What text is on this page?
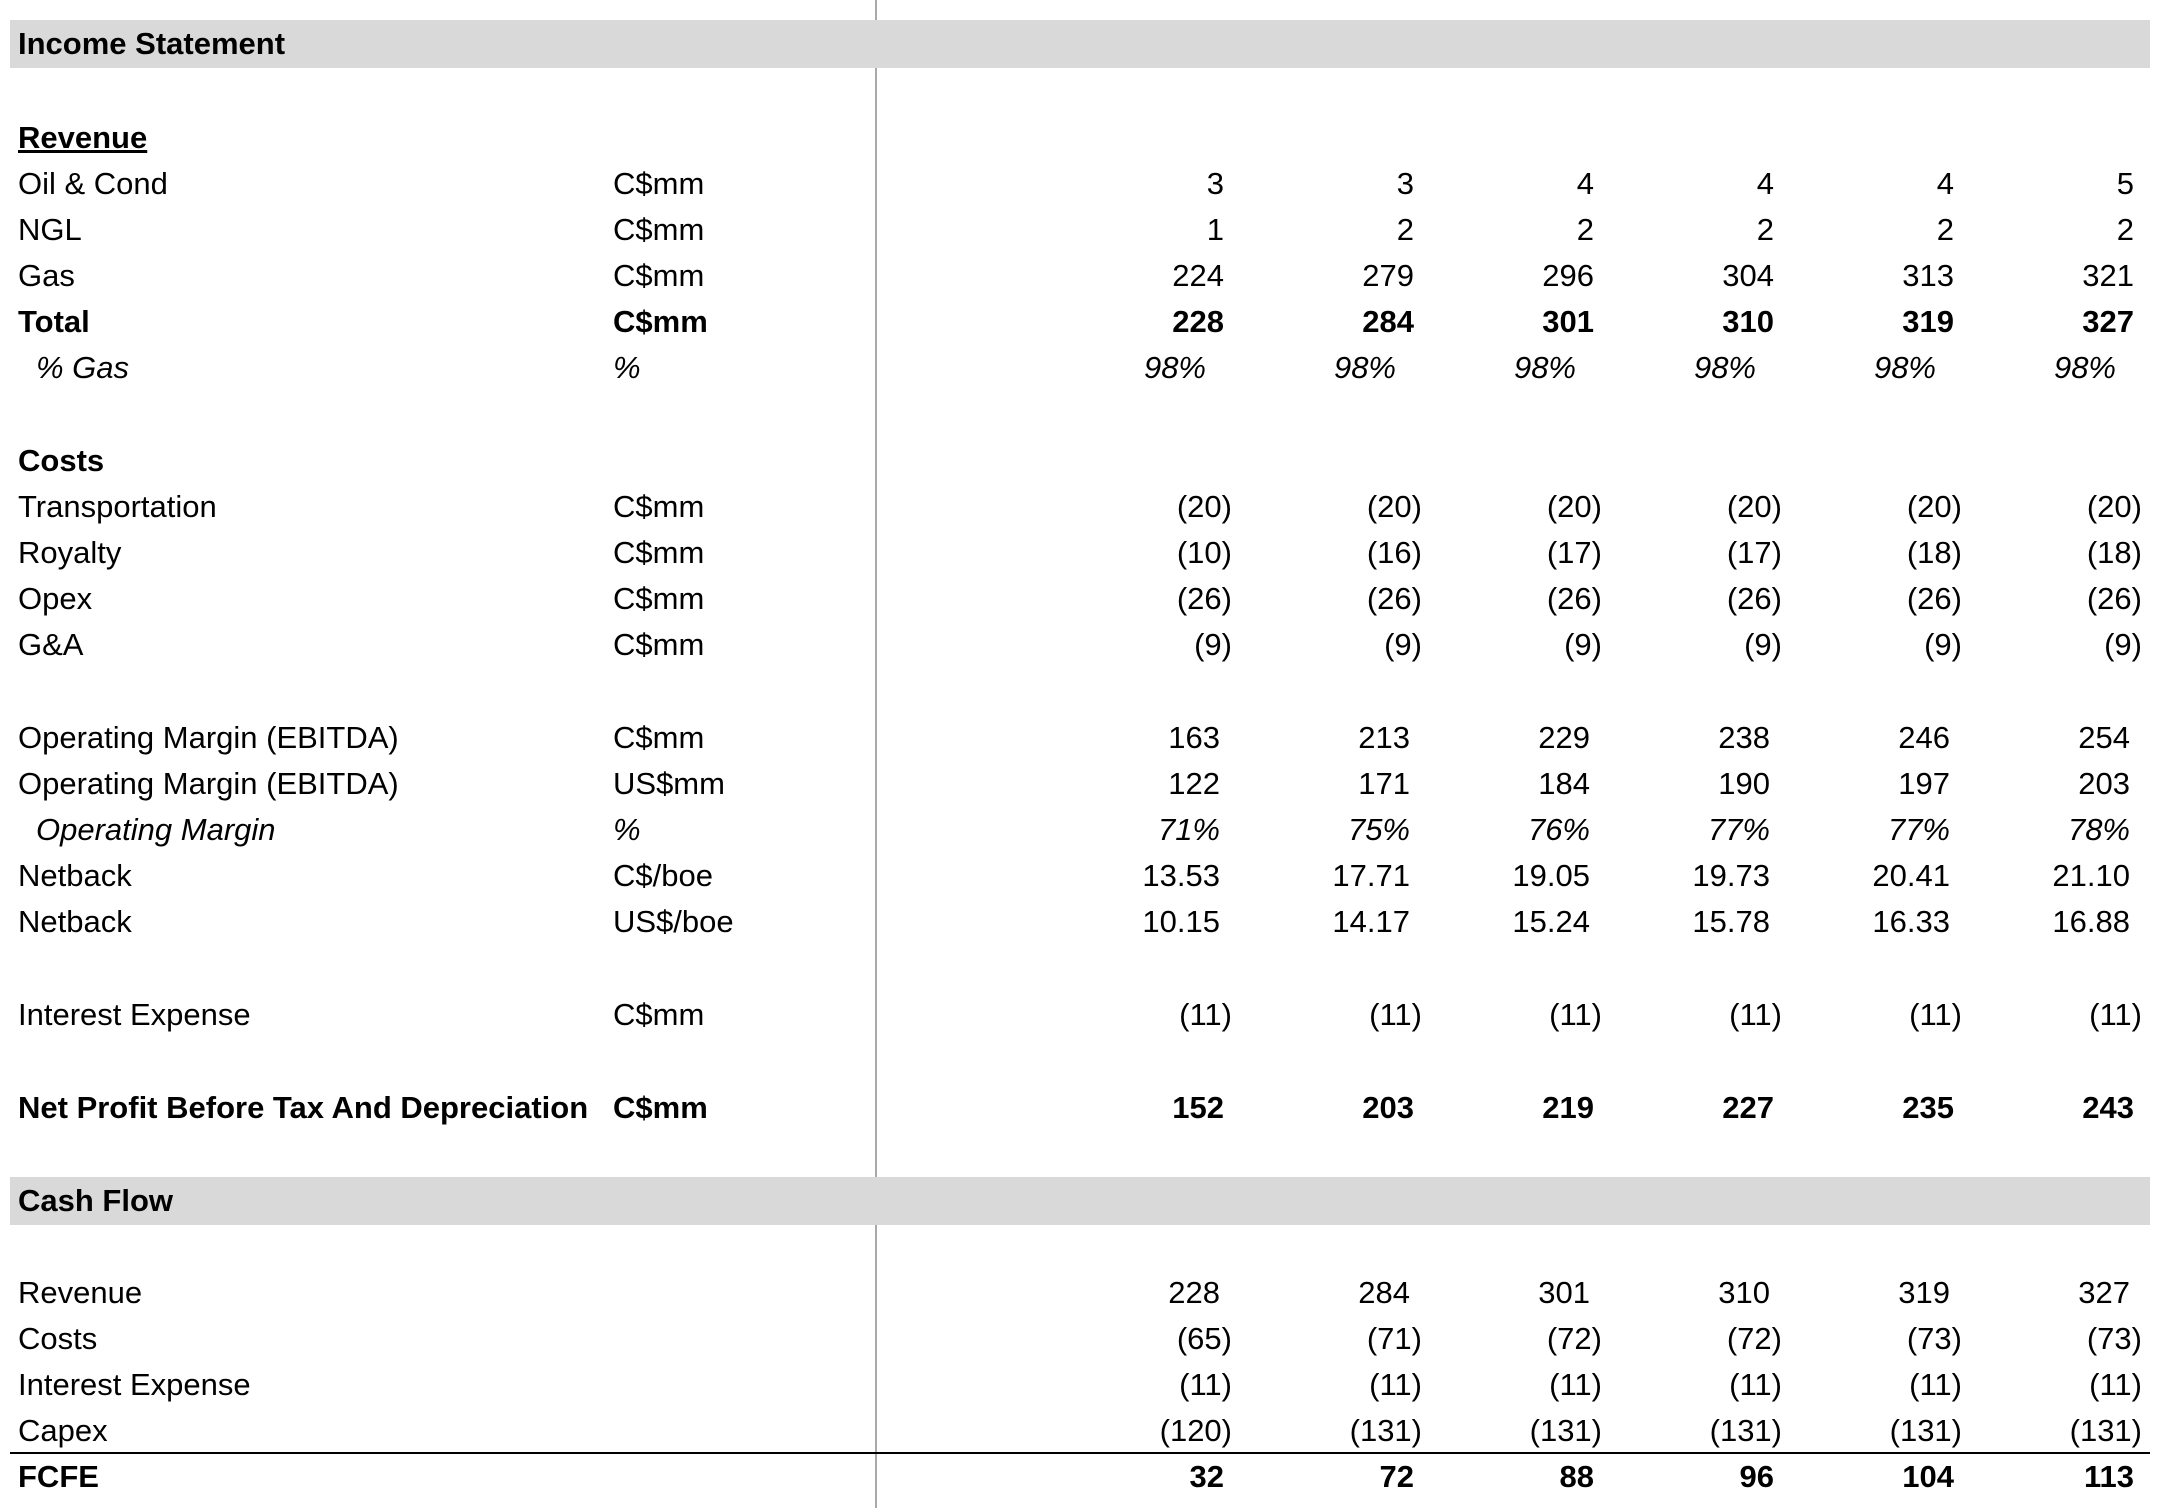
Income Statement
Revenue
Oil & Cond	C$mm	3	3	4	4	4	5
NGL	C$mm	1	2	2	2	2	2
Gas	C$mm	224	279	296	304	313	321
Total	C$mm	228	284	301	310	319	327
% Gas	%	98%	98%	98%	98%	98%	98%
Costs
Transportation	C$mm	(20)	(20)	(20)	(20)	(20)	(20)
Royalty	C$mm	(10)	(16)	(17)	(17)	(18)	(18)
Opex	C$mm	(26)	(26)	(26)	(26)	(26)	(26)
G&A	C$mm	(9)	(9)	(9)	(9)	(9)	(9)
Operating Margin (EBITDA)	C$mm	163	213	229	238	246	254
Operating Margin (EBITDA)	US$mm	122	171	184	190	197	203
Operating Margin	%	71%	75%	76%	77%	77%	78%
Netback	C$/boe	13.53	17.71	19.05	19.73	20.41	21.10
Netback	US$/boe	10.15	14.17	15.24	15.78	16.33	16.88
Interest Expense	C$mm	(11)	(11)	(11)	(11)	(11)	(11)
Net Profit Before Tax And Depreciation C$mm	152	203	219	227	235	243
Cash Flow
Revenue	228	284	301	310	319	327
Costs	(65)	(71)	(72)	(72)	(73)	(73)
Interest Expense	(11)	(11)	(11)	(11)	(11)	(11)
Capex	(120)	(131)	(131)	(131)	(131)	(131)
FCFE	32	72	88	96	104	113
